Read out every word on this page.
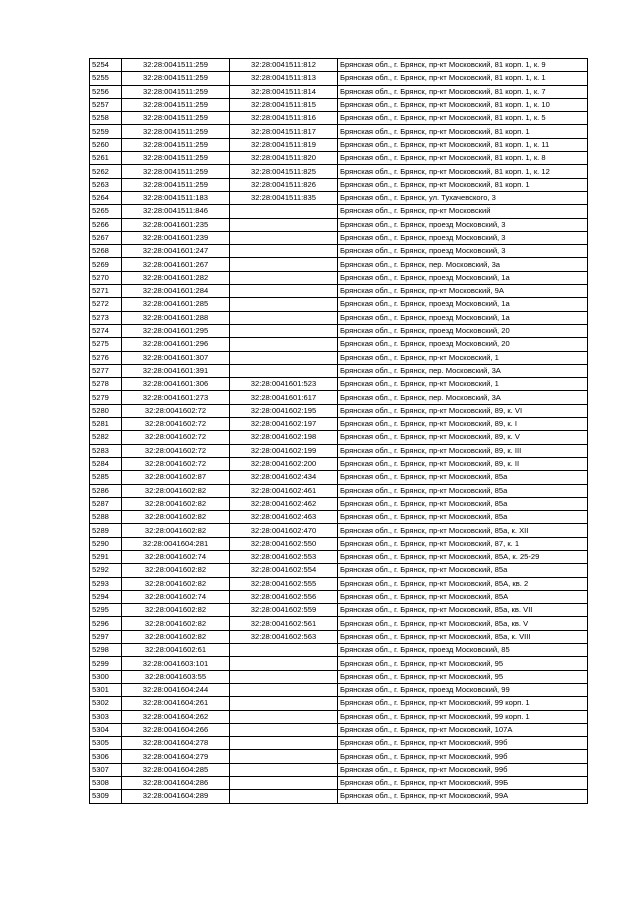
5254	32:28:0041511:259	32:28:0041511:812	Брянская обл., г. Брянск, пр-кт Московский, 81 корп. 1, к. 9
5255	32:28:0041511:259	32:28:0041511:813	Брянская обл., г. Брянск, пр-кт Московский, 81 корп. 1, к. 1
5256	32:28:0041511:259	32:28:0041511:814	Брянская обл., г. Брянск, пр-кт Московский, 81 корп. 1, к. 7
5257	32:28:0041511:259	32:28:0041511:815	Брянская обл., г. Брянск, пр-кт Московский, 81 корп. 1, к. 10
5258	32:28:0041511:259	32:28:0041511:816	Брянская обл., г. Брянск, пр-кт Московский, 81 корп. 1, к. 5
5259	32:28:0041511:259	32:28:0041511:817	Брянская обл., г. Брянск, пр-кт Московский, 81 корп. 1
5260	32:28:0041511:259	32:28:0041511:819	Брянская обл., г. Брянск, пр-кт Московский, 81 корп. 1, к. 11
5261	32:28:0041511:259	32:28:0041511:820	Брянская обл., г. Брянск, пр-кт Московский, 81 корп. 1, к. 8
5262	32:28:0041511:259	32:28:0041511:825	Брянская обл., г. Брянск, пр-кт Московский, 81 корп. 1, к. 12
5263	32:28:0041511:259	32:28:0041511:826	Брянская обл., г. Брянск, пр-кт Московский, 81 корп. 1
5264	32:28:0041511:183	32:28:0041511:835	Брянская обл., г. Брянск, ул. Тухачевского, 3
5265	32:28:0041511:846		Брянская обл., г. Брянск, пр-кт Московский
5266	32:28:0041601:235		Брянская обл., г. Брянск, проезд Московский, 3
5267	32:28:0041601:239		Брянская обл., г. Брянск, проезд Московский, 3
5268	32:28:0041601:247		Брянская обл., г. Брянск, проезд Московский, 3
5269	32:28:0041601:267		Брянская обл., г. Брянск, пер. Московский, 3а
5270	32:28:0041601:282		Брянская обл., г. Брянск, проезд Московский, 1а
5271	32:28:0041601:284		Брянская обл., г. Брянск, пр-кт Московский, 9А
5272	32:28:0041601:285		Брянская обл., г. Брянск, проезд Московский, 1а
5273	32:28:0041601:288		Брянская обл., г. Брянск, проезд Московский, 1а
5274	32:28:0041601:295		Брянская обл., г. Брянск, проезд Московский, 20
5275	32:28:0041601:296		Брянская обл., г. Брянск, проезд Московский, 20
5276	32:28:0041601:307		Брянская обл., г. Брянск, пр-кт Московский, 1
5277	32:28:0041601:391		Брянская обл., г. Брянск, пер. Московский, 3А
5278	32:28:0041601:306	32:28:0041601:523	Брянская обл., г. Брянск, пр-кт Московский, 1
5279	32:28:0041601:273	32:28:0041601:617	Брянская обл., г. Брянск, пер. Московский, 3А
5280	32:28:0041602:72	32:28:0041602:195	Брянская обл., г. Брянск, пр-кт Московский, 89, к. VI
5281	32:28:0041602:72	32:28:0041602:197	Брянская обл., г. Брянск, пр-кт Московский, 89, к. I
5282	32:28:0041602:72	32:28:0041602:198	Брянская обл., г. Брянск, пр-кт Московский, 89, к. V
5283	32:28:0041602:72	32:28:0041602:199	Брянская обл., г. Брянск, пр-кт Московский, 89, к. III
5284	32:28:0041602:72	32:28:0041602:200	Брянская обл., г. Брянск, пр-кт Московский, 89, к. II
5285	32:28:0041602:87	32:28:0041602:434	Брянская обл., г. Брянск, пр-кт Московский, 85а
5286	32:28:0041602:82	32:28:0041602:461	Брянская обл., г. Брянск, пр-кт Московский, 85а
5287	32:28:0041602:82	32:28:0041602:462	Брянская обл., г. Брянск, пр-кт Московский, 85а
5288	32:28:0041602:82	32:28:0041602:463	Брянская обл., г. Брянск, пр-кт Московский, 85а
5289	32:28:0041602:82	32:28:0041602:470	Брянская обл., г. Брянск, пр-кт Московский, 85а, к. XII
5290	32:28:0041604:281	32:28:0041602:550	Брянская обл., г. Брянск, пр-кт Московский, 87, к. 1
5291	32:28:0041602:74	32:28:0041602:553	Брянская обл., г. Брянск, пр-кт Московский, 85А, к. 25-29
5292	32:28:0041602:82	32:28:0041602:554	Брянская обл., г. Брянск, пр-кт Московский, 85а
5293	32:28:0041602:82	32:28:0041602:555	Брянская обл., г. Брянск, пр-кт Московский, 85А, кв. 2
5294	32:28:0041602:74	32:28:0041602:556	Брянская обл., г. Брянск, пр-кт Московский, 85А
5295	32:28:0041602:82	32:28:0041602:559	Брянская обл., г. Брянск, пр-кт Московский, 85а, кв. VII
5296	32:28:0041602:82	32:28:0041602:561	Брянская обл., г. Брянск, пр-кт Московский, 85а, кв. V
5297	32:28:0041602:82	32:28:0041602:563	Брянская обл., г. Брянск, пр-кт Московский, 85а, к. VIII
5298	32:28:0041602:61		Брянская обл., г. Брянск, проезд Московский, 85
5299	32:28:0041603:101		Брянская обл., г. Брянск, пр-кт Московский, 95
5300	32:28:0041603:55		Брянская обл., г. Брянск, пр-кт Московский, 95
5301	32:28:0041604:244		Брянская обл., г. Брянск, проезд Московский, 99
5302	32:28:0041604:261		Брянская обл., г. Брянск, пр-кт Московский, 99 корп. 1
5303	32:28:0041604:262		Брянская обл., г. Брянск, пр-кт Московский, 99 корп. 1
5304	32:28:0041604:266		Брянская обл., г. Брянск, пр-кт Московский, 107А
5305	32:28:0041604:278		Брянская обл., г. Брянск, пр-кт Московский, 99б
5306	32:28:0041604:279		Брянская обл., г. Брянск, пр-кт Московский, 99б
5307	32:28:0041604:285		Брянская обл., г. Брянск, пр-кт Московский, 99б
5308	32:28:0041604:286		Брянская обл., г. Брянск, пр-кт Московский, 99Б
5309	32:28:0041604:289		Брянская обл., г. Брянск, пр-кт Московский, 99А
